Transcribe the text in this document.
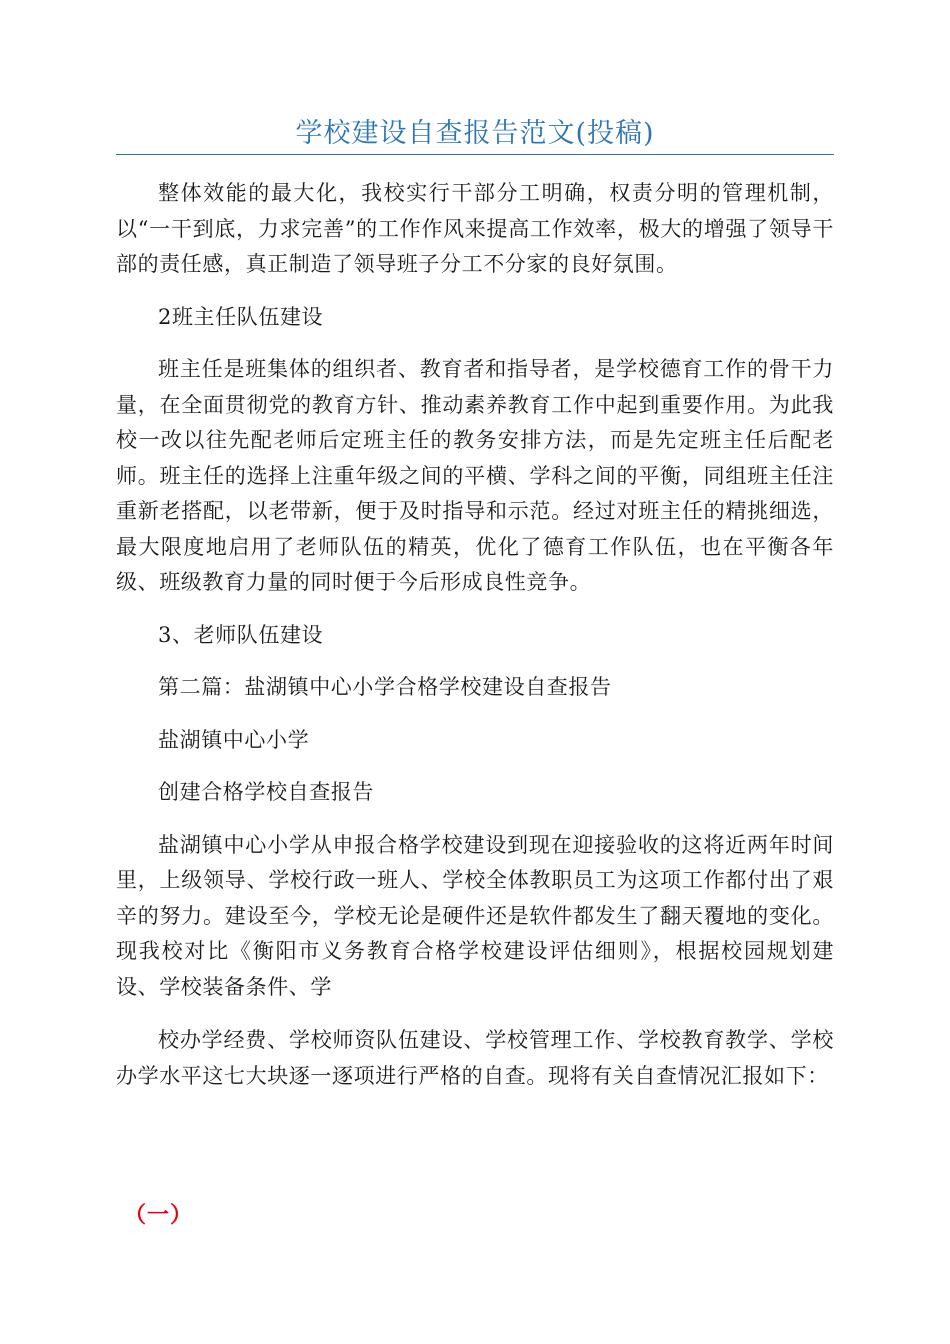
学校建设自查报告范文(投稿)

整体效能的最大化，我校实行干部分工明确，权责分明的管理机制，以“一干到底，力求完善”的工作作风来提高工作效率，极大的增强了领导干部的责任感，真正制造了领导班子分工不分家的良好氛围。

2班主任队伍建设

班主任是班集体的组织者、教育者和指导者，是学校德育工作的骨干力量，在全面贯彻党的教育方针、推动素养教育工作中起到重要作用。为此我校一改以往先配老师后定班主任的教务安排方法，而是先定班主任后配老师。班主任的选择上注重年级之间的平横、学科之间的平衡，同组班主任注重新老搭配，以老带新，便于及时指导和示范。经过对班主任的精挑细选，最大限度地启用了老师队伍的精英，优化了德育工作队伍，也在平衡各年级、班级教育力量的同时便于今后形成良性竞争。

3、老师队伍建设

第二篇：盐湖镇中心小学合格学校建设自查报告

盐湖镇中心小学

创建合格学校自查报告

盐湖镇中心小学从申报合格学校建设到现在迎接验收的这将近两年时间里，上级领导、学校行政一班人、学校全体教职员工为这项工作都付出了艰辛的努力。建设至今，学校无论是硬件还是软件都发生了翻天覆地的变化。现我校对比《衡阳市义务教育合格学校建设评估细则》，根据校园规划建设、学校装备条件、学

校办学经费、学校师资队伍建设、学校管理工作、学校教育教学、学校办学水平这七大块逐一逐项进行严格的自查。现将有关自查情况汇报如下：

（一）
